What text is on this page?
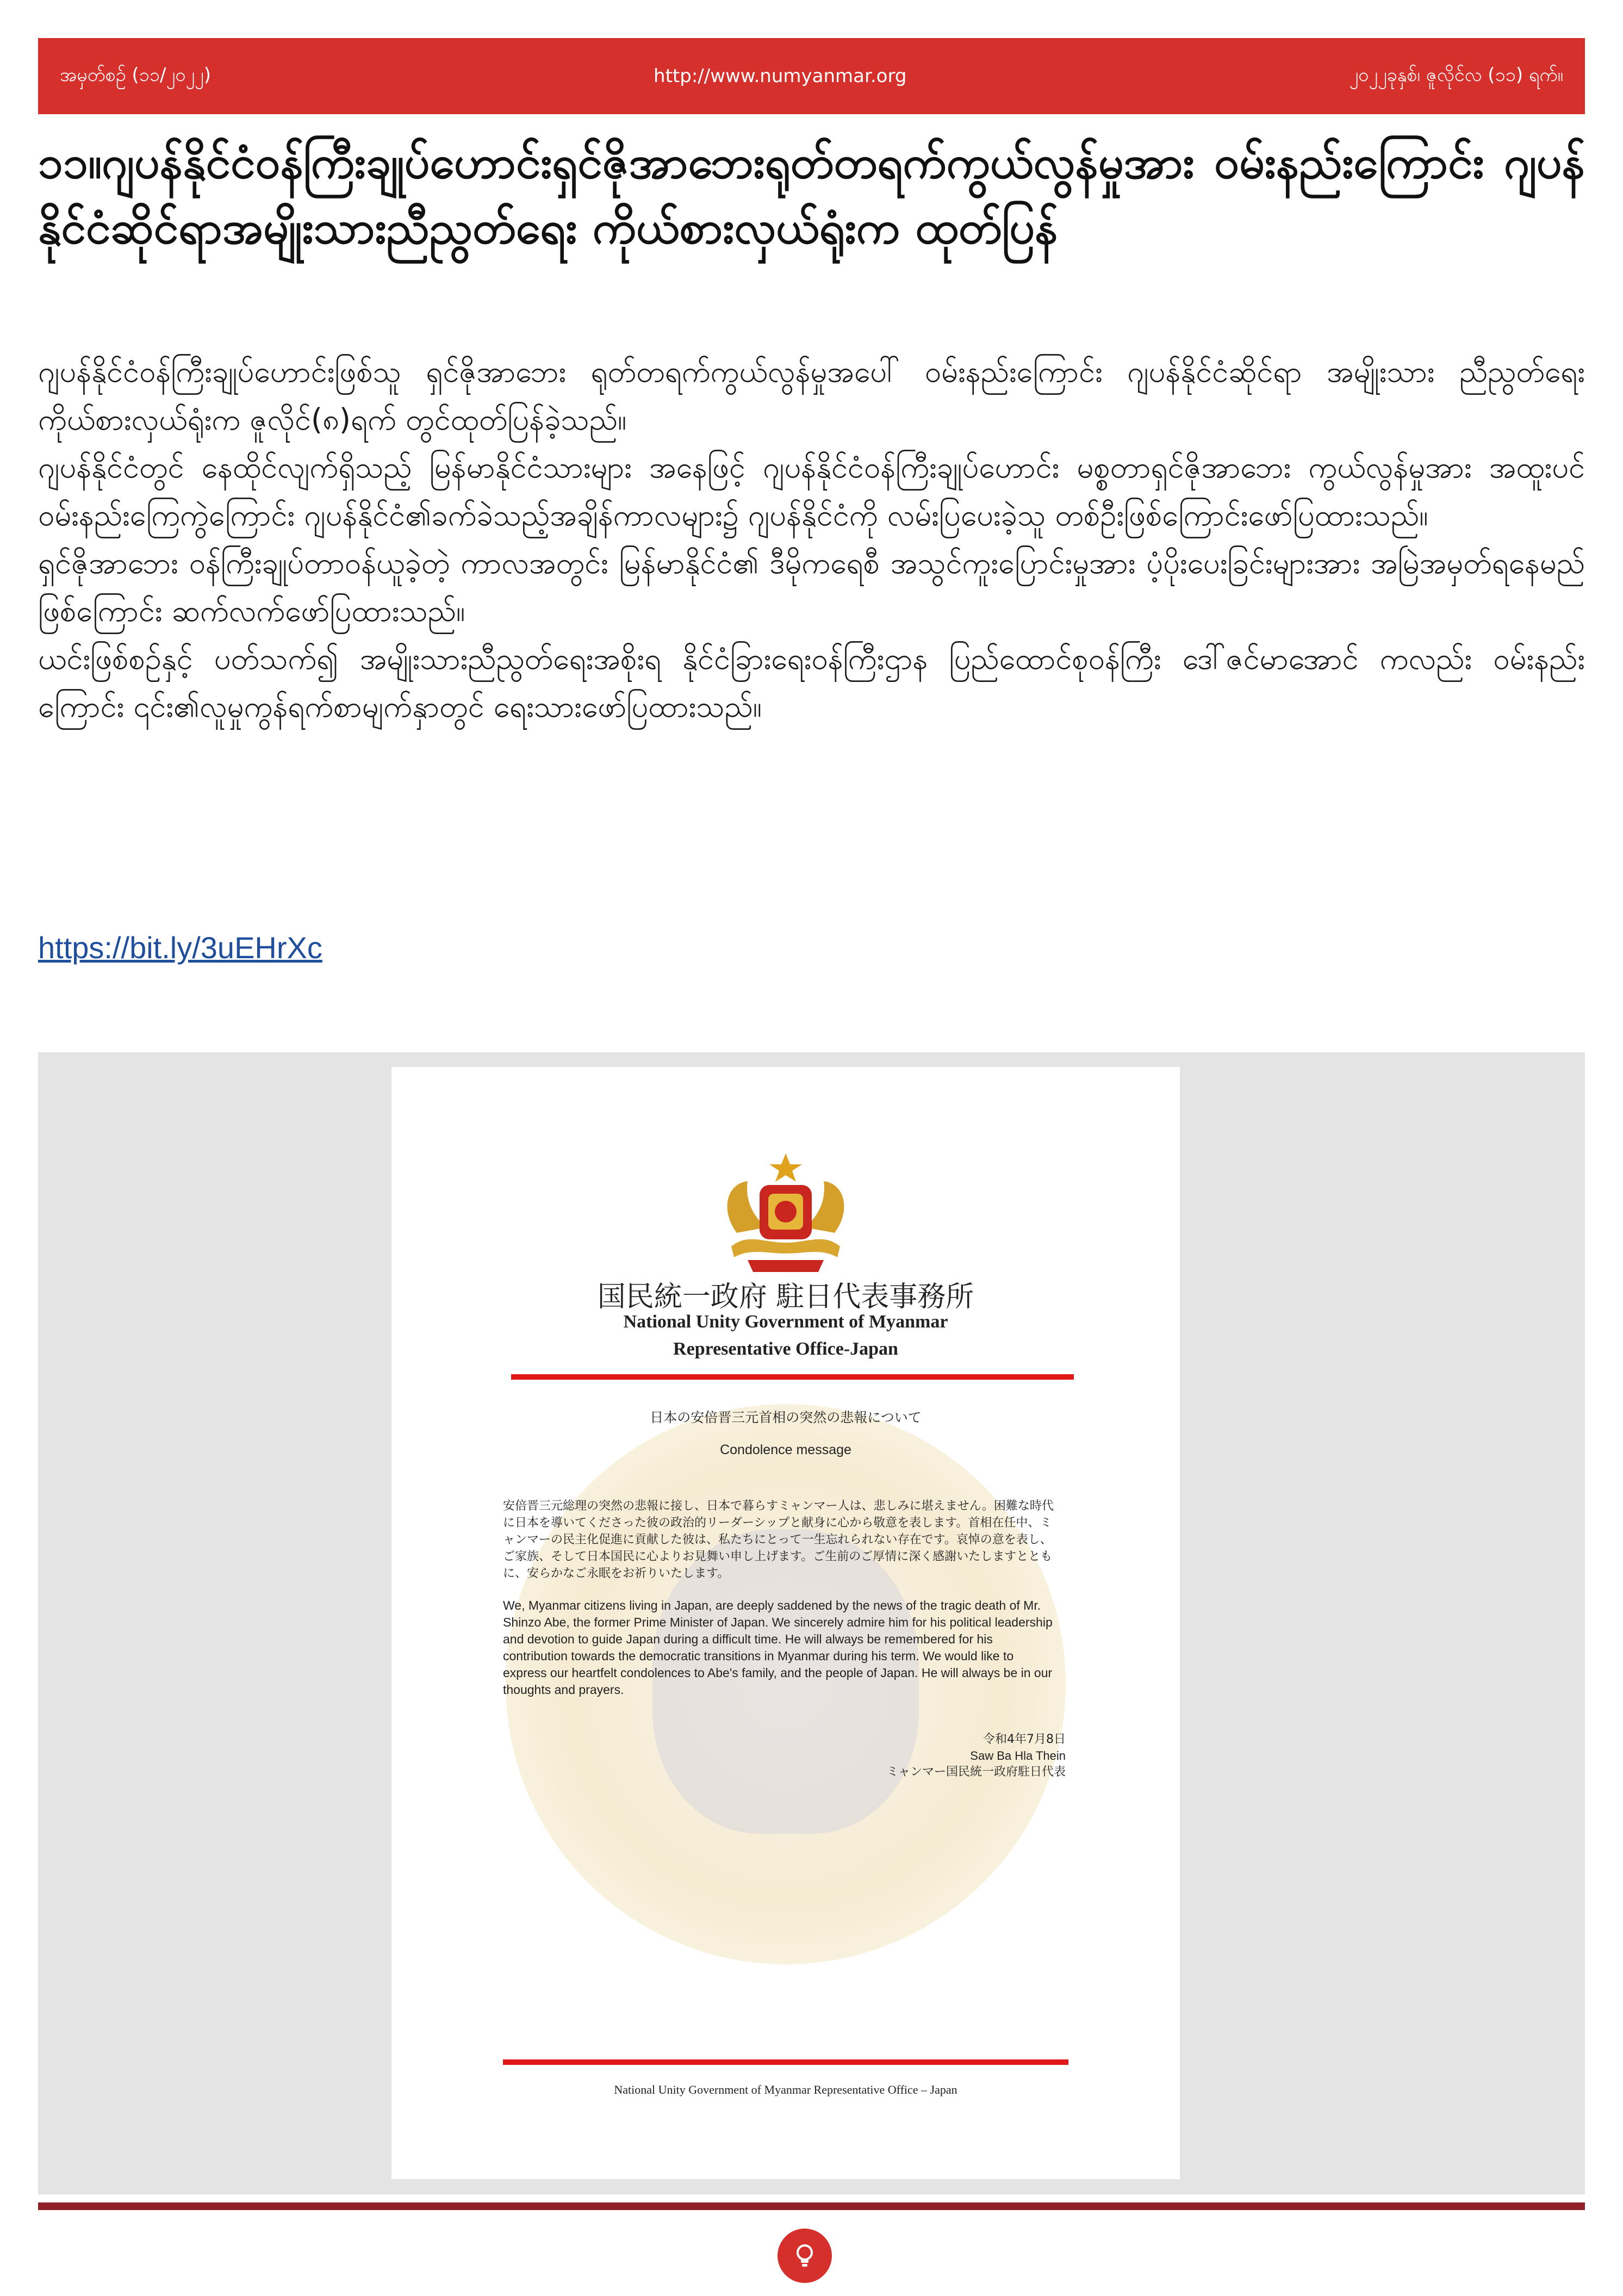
အမှတ်စဉ် (၁၁/၂၀၂၂)	http://www.numyanmar.org	၂၀၂၂ခုနှစ်၊ ဇူလိုင်လ (၁၁) ရက်။
၁၁။ဂျပန်နိုင်ငံဝန်ကြီးချုပ်ဟောင်းရှင်ဇိုအာဘေးရုတ်တရက်ကွယ်လွန်မှုအား ဝမ်းနည်းကြောင်း ဂျပန်နိုင်ငံဆိုင်ရာအမျိုးသားညီညွတ်ရေး ကိုယ်စားလှယ်ရုံးက ထုတ်ပြန်

ဂျပန်နိုင်ငံဝန်ကြီးချုပ်ဟောင်းဖြစ်သူ ရှင်ဇိုအာဘေး ရုတ်တရက်ကွယ်လွန်မှုအပေါ် ဝမ်းနည်းကြောင်း ဂျပန်နိုင်ငံဆိုင်ရာ အမျိုးသား ညီညွတ်ရေး ကိုယ်စားလှယ်ရုံးက ဇူလိုင်(၈)ရက် တွင်ထုတ်ပြန်ခဲ့သည်။

ဂျပန်နိုင်ငံတွင် နေထိုင်လျက်ရှိသည့် မြန်မာနိုင်ငံသားများ အနေဖြင့် ဂျပန်နိုင်ငံဝန်ကြီးချုပ်ဟောင်း မစ္စတာရှင်ဇိုအာဘေး ကွယ်လွန်မှုအား အထူးပင်ဝမ်းနည်းကြေကွဲကြောင်း ဂျပန်နိုင်ငံ၏ခက်ခဲသည့်အချိန်ကာလများ၌ ဂျပန်နိုင်ငံကို လမ်းပြပေးခဲ့သူ တစ်ဦးဖြစ်ကြောင်းဖော်ပြထားသည်။

ရှင်ဇိုအာဘေး ဝန်ကြီးချုပ်တာဝန်ယူခဲ့တဲ့ ကာလအတွင်း မြန်မာနိုင်ငံ၏ ဒီမိုကရေစီ အသွင်ကူးပြောင်းမှုအား ပံ့ပိုးပေးခြင်းများအား အမြဲအမှတ်ရနေမည်ဖြစ်ကြောင်း ဆက်လက်ဖော်ပြထားသည်။

ယင်းဖြစ်စဉ်နှင့် ပတ်သက်၍ အမျိုးသားညီညွတ်ရေးအစိုးရ နိုင်ငံခြားရေးဝန်ကြီးဌာန ပြည်ထောင်စုဝန်ကြီး ဒေါ်ဇင်မာအောင် ကလည်း ဝမ်းနည်းကြောင်း ၎င်း၏လူမှုကွန်ရက်စာမျက်နှာတွင် ရေးသားဖော်ပြထားသည်။

https://bit.ly/3uEHrXc
国民統一政府 駐日代表事務所
National Unity Government of Myanmar
Representative Office-Japan
日本の安倍晋三元首相の突然の悲報について
Condolence message
安倍晋三元総理の突然の悲報に接し、日本で暮らすミャンマー人は、悲しみに堪えません。困難な時代に日本を導いてくださった彼の政治的リーダーシップと献身に心から敬意を表します。首相在任中、ミャンマーの民主化促進に貢献した彼は、私たちにとって一生忘れられない存在です。哀悼の意を表し、ご家族、そして日本国民に心よりお見舞い申し上げます。ご生前のご厚情に深く感謝いたしますとともに、安らかなご永眠をお祈りいたします。
We, Myanmar citizens living in Japan, are deeply saddened by the news of the tragic death of Mr. Shinzo Abe, the former Prime Minister of Japan. We sincerely admire him for his political leadership and devotion to guide Japan during a difficult time. He will always be remembered for his contribution towards the democratic transitions in Myanmar during his term. We would like to express our heartfelt condolences to Abe's family, and the people of Japan. He will always be in our thoughts and prayers.
令和4年7月8日
Saw Ba Hla Thein
ミャンマー国民統一政府駐日代表
National Unity Government of Myanmar Representative Office – Japan
